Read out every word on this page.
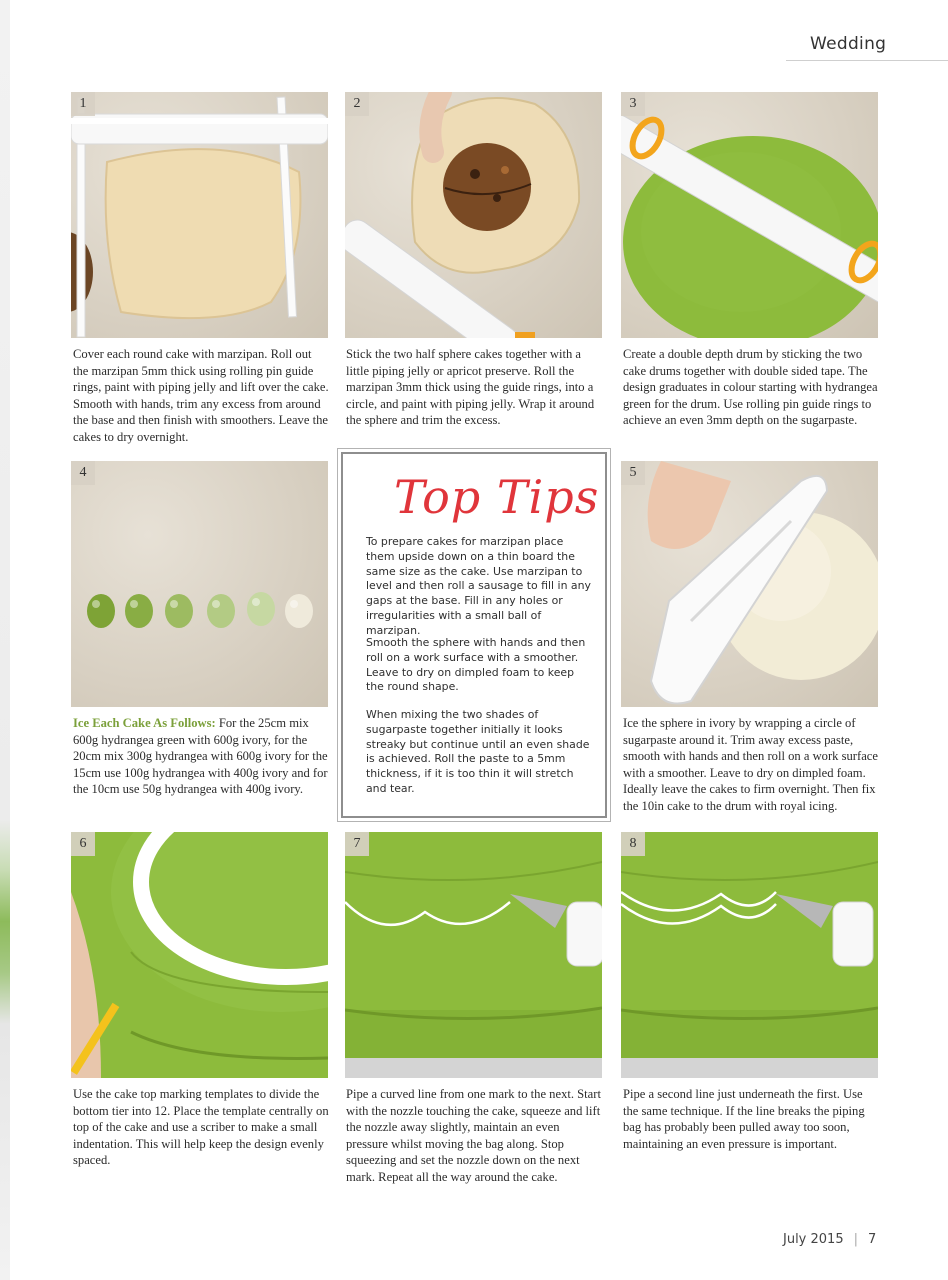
Wedding
1	2	3
Cover each round cake with marzipan. Roll out the marzipan 5mm thick using rolling pin guide rings, paint with piping jelly and lift over the cake. Smooth with hands, trim any excess from around the base and then finish with smoothers. Leave the cakes to dry overnight.
Stick the two half sphere cakes together with a little piping jelly or apricot preserve. Roll the marzipan 3mm thick using the guide rings, into a circle, and paint with piping jelly. Wrap it around the sphere and trim the excess.
Create a double depth drum by sticking the two cake drums together with double sided tape. The design graduates in colour starting with hydrangea green for the drum. Use rolling pin guide rings to achieve an even 3mm depth on the sugarpaste.
4	Top Tips
To prepare cakes for marzipan place them upside down on a thin board the same size as the cake. Use marzipan to level and then roll a sausage to fill in any gaps at the base. Fill in any holes or irregularities with a small ball of marzipan.
Smooth the sphere with hands and then roll on a work surface with a smoother. Leave to dry on dimpled foam to keep the round shape.
When mixing the two shades of sugarpaste together initially it looks streaky but continue until an even shade is achieved. Roll the paste to a 5mm thickness, if it is too thin it will stretch and tear.
5
Ice Each Cake As Follows: For the 25cm mix 600g hydrangea green with 600g ivory, for the 20cm mix 300g hydrangea with 600g ivory for the 15cm use 100g hydrangea with 400g ivory and for the 10cm use 50g hydrangea with 400g ivory.
Ice the sphere in ivory by wrapping a circle of sugarpaste around it. Trim away excess paste, smooth with hands and then roll on a work surface with a smoother. Leave to dry on dimpled foam. Ideally leave the cakes to firm overnight. Then fix the 10in cake to the drum with royal icing.
6	7	8
Use the cake top marking templates to divide the bottom tier into 12. Place the template centrally on top of the cake and use a scriber to make a small indentation. This will help keep the design evenly spaced.
Pipe a curved line from one mark to the next. Start with the nozzle touching the cake, squeeze and lift the nozzle away slightly, maintain an even pressure whilst moving the bag along. Stop squeezing and set the nozzle down on the next mark. Repeat all the way around the cake.
Pipe a second line just underneath the first. Use the same technique. If the line breaks the piping bag has probably been pulled away too soon, maintaining an even pressure is important.
July 2015 | 7
